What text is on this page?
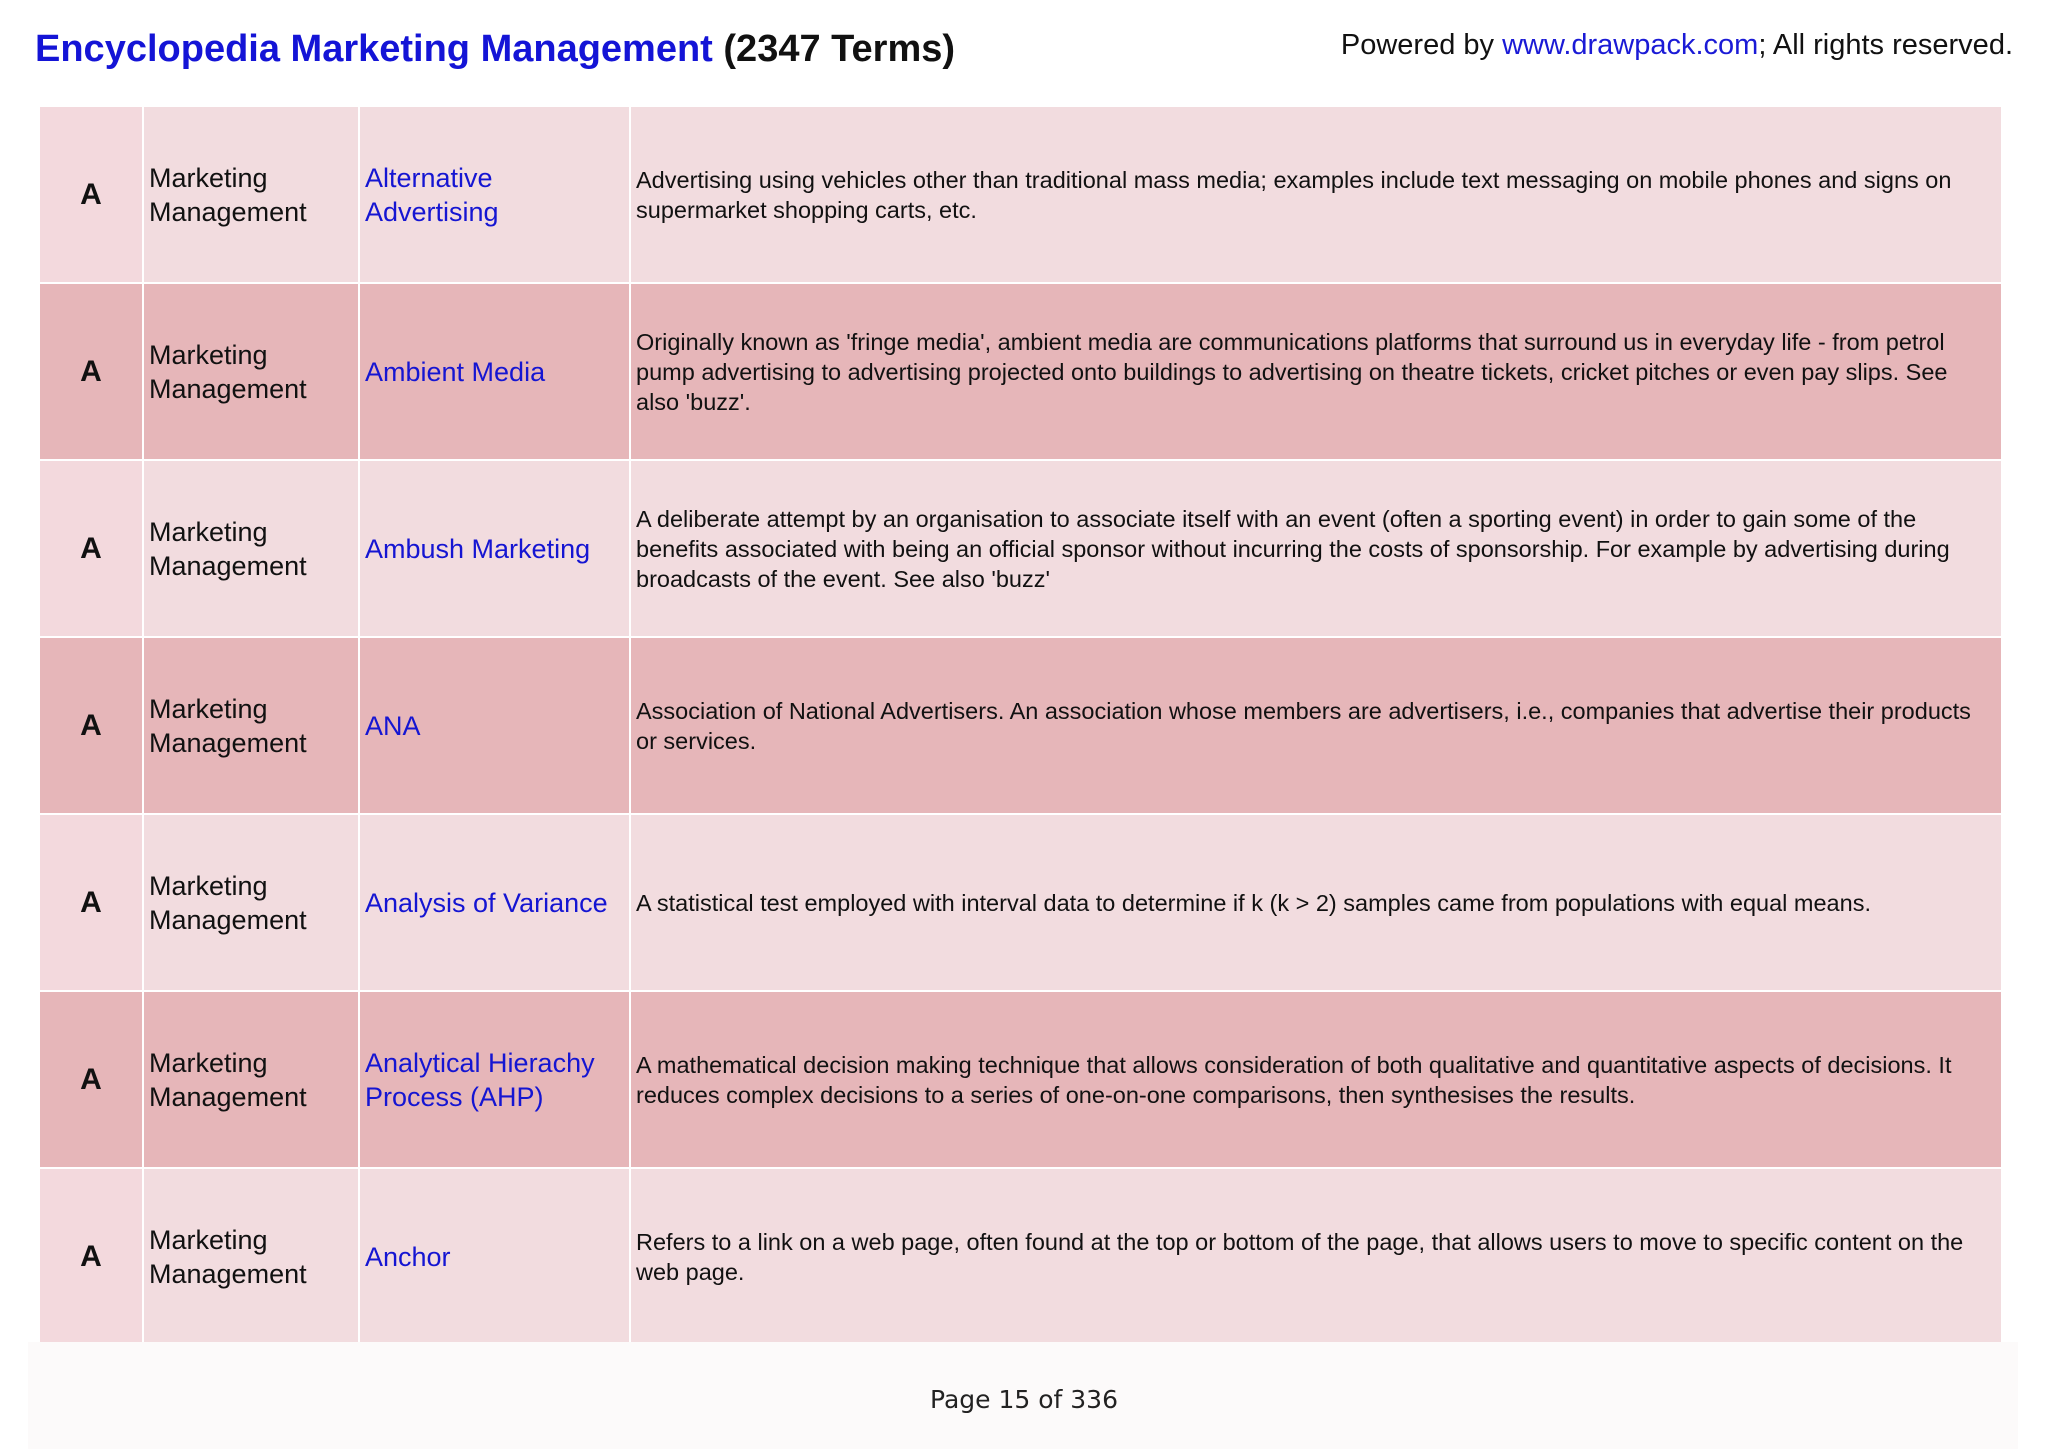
Encyclopedia Marketing Management (2347 Terms)	Powered by www.drawpack.com; All rights reserved.
A	Marketing Management	Alternative Advertising	Advertising using vehicles other than traditional mass media; examples include text messaging on mobile phones and signs on supermarket shopping carts, etc.
A	Marketing Management	Ambient Media	Originally known as 'fringe media', ambient media are communications platforms that surround us in everyday life - from petrol pump advertising to advertising projected onto buildings to advertising on theatre tickets, cricket pitches or even pay slips. See also 'buzz'.
A	Marketing Management	Ambush Marketing	A deliberate attempt by an organisation to associate itself with an event (often a sporting event) in order to gain some of the benefits associated with being an official sponsor without incurring the costs of sponsorship. For example by advertising during broadcasts of the event. See also 'buzz'
A	Marketing Management	ANA	Association of National Advertisers. An association whose members are advertisers, i.e., companies that advertise their products or services.
A	Marketing Management	Analysis of Variance	A statistical test employed with interval data to determine if k (k > 2) samples came from populations with equal means.
A	Marketing Management	Analytical Hierachy Process (AHP)	A mathematical decision making technique that allows consideration of both qualitative and quantitative aspects of decisions. It reduces complex decisions to a series of one-on-one comparisons, then synthesises the results.
A	Marketing Management	Anchor	Refers to a link on a web page, often found at the top or bottom of the page, that allows users to move to specific content on the web page.
Page 15 of 336
